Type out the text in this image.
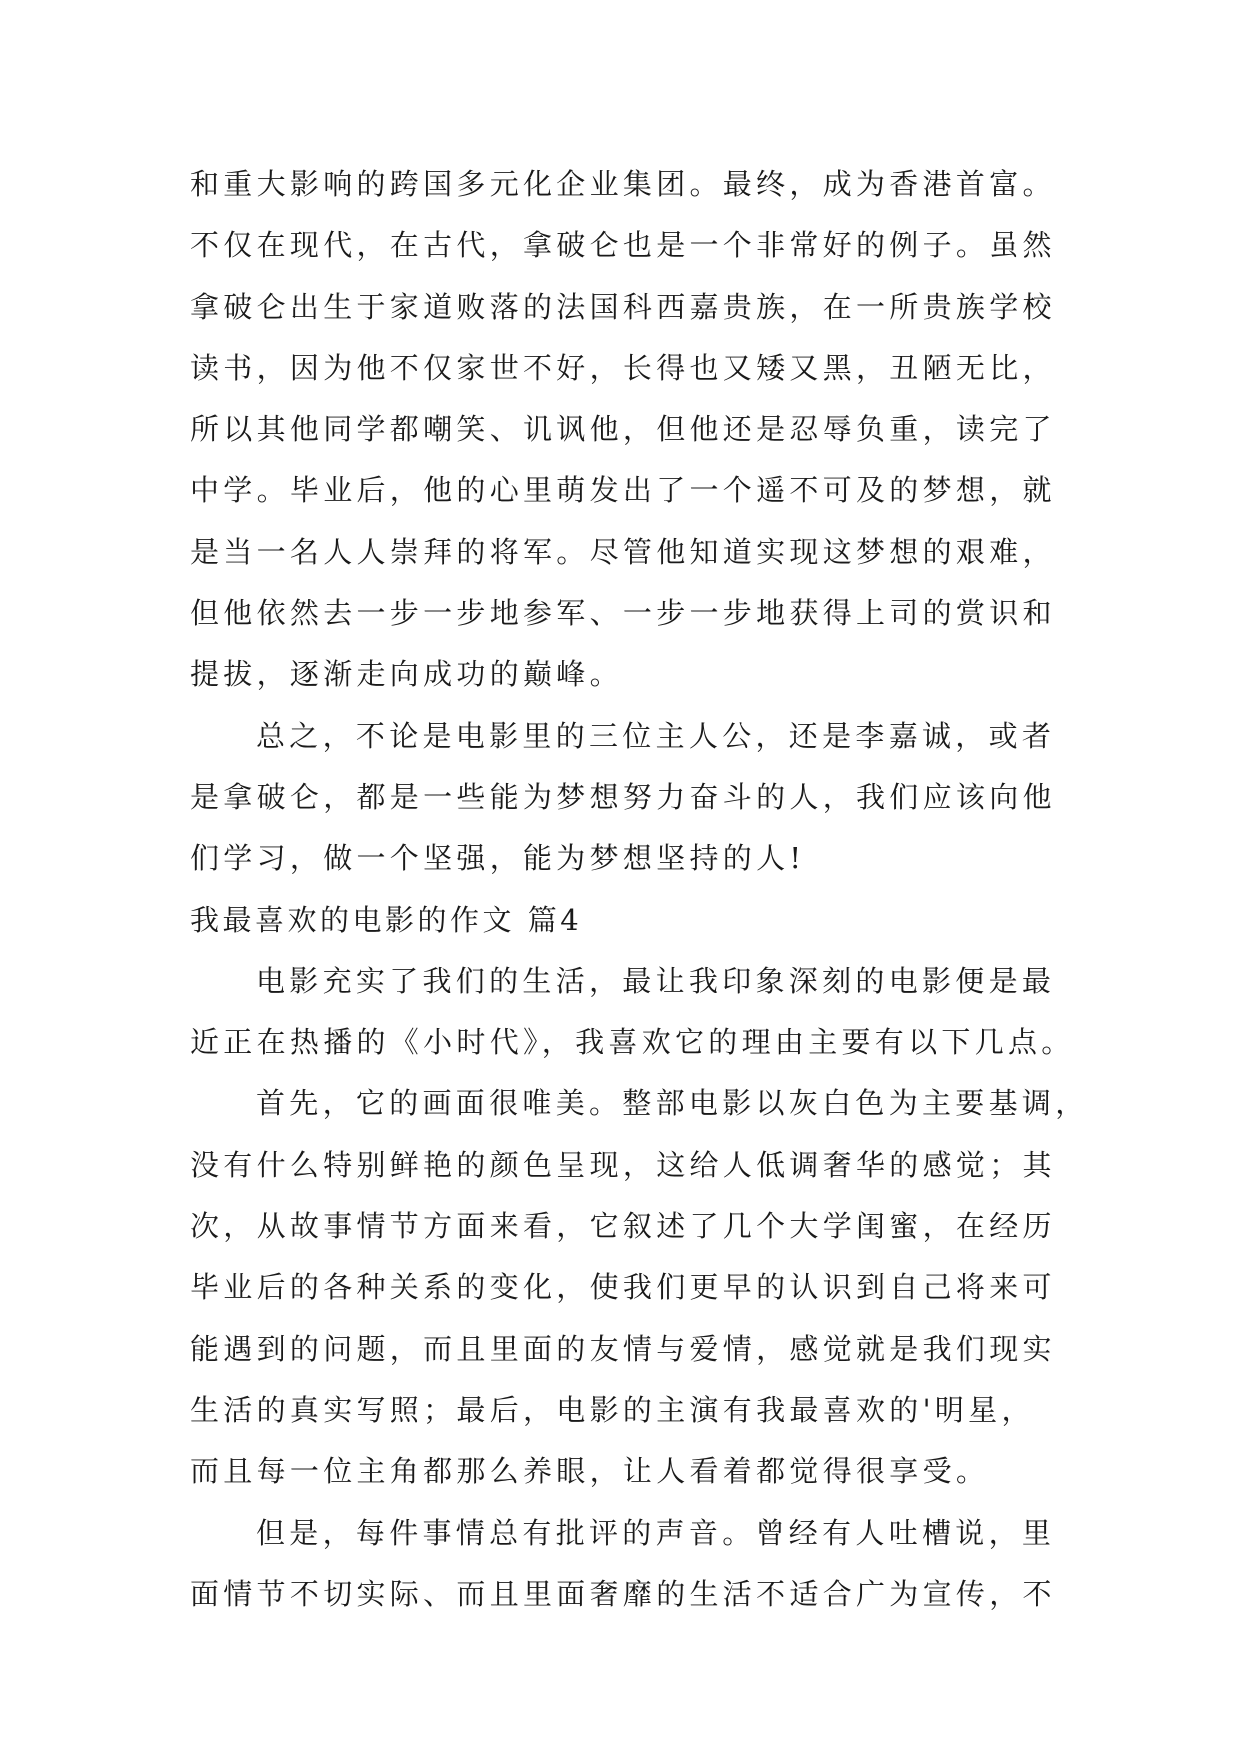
和重大影响的跨国多元化企业集团。最终，成为香港首富。
不仅在现代，在古代，拿破仑也是一个非常好的例子。虽然
拿破仑出生于家道败落的法国科西嘉贵族，在一所贵族学校
读书，因为他不仅家世不好，长得也又矮又黑，丑陋无比，
所以其他同学都嘲笑、讥讽他，但他还是忍辱负重，读完了
中学。毕业后，他的心里萌发出了一个遥不可及的梦想，就
是当一名人人崇拜的将军。尽管他知道实现这梦想的艰难，
但他依然去一步一步地参军、一步一步地获得上司的赏识和
提拔，逐渐走向成功的巅峰。
总之，不论是电影里的三位主人公，还是李嘉诚，或者
是拿破仑，都是一些能为梦想努力奋斗的人，我们应该向他
们学习，做一个坚强，能为梦想坚持的人!
我最喜欢的电影的作文 篇4
电影充实了我们的生活，最让我印象深刻的电影便是最
近正在热播的《小时代》，我喜欢它的理由主要有以下几点。
首先，它的画面很唯美。整部电影以灰白色为主要基调，
没有什么特别鲜艳的颜色呈现，这给人低调奢华的感觉；其
次，从故事情节方面来看，它叙述了几个大学闺蜜，在经历
毕业后的各种关系的变化，使我们更早的认识到自己将来可
能遇到的问题，而且里面的友情与爱情，感觉就是我们现实
生活的真实写照；最后，电影的主演有我最喜欢的'明星，
而且每一位主角都那么养眼，让人看着都觉得很享受。
但是，每件事情总有批评的声音。曾经有人吐槽说，里
面情节不切实际、而且里面奢靡的生活不适合广为宣传，不
